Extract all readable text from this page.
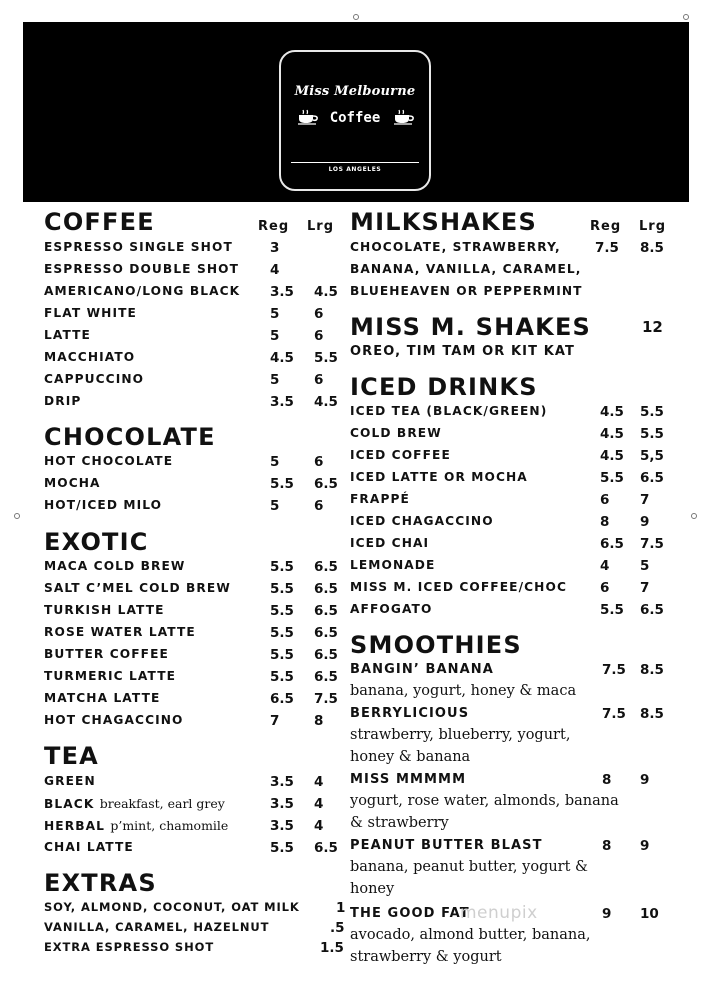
Miss Melbourne
Coffee
LOS ANGELES
COFFEE	Reg Lrg
ESPRESSO SINGLE SHOT	3
ESPRESSO DOUBLE SHOT 4
AMERICANO/LONG BLACK 3.5 4.5
FLAT WHITE	5	6
LATTE	5	6
MACCHIATO	4.5 5.5
CAPPUCCINO	5	6
DRIP	3.5 4.5
CHOCOLATE
HOT CHOCOLATE	5	6
MOCHA	5.5 6.5
HOT/ICED MILO	5	6
EXOTIC
MACA COLD BREW	5.5 6.5
SALT C’MEL COLD BREW	5.5 6.5
TURKISH LATTE	5.5 6.5
ROSE WATER LATTE	5.5 6.5
BUTTER COFFEE	5.5 6.5
TURMERIC LATTE	5.5 6.5
MATCHA LATTE	6.5 7.5
HOT CHAGACCINO	7	8
TEA
GREEN	3.5 4
BLACK breakfast, earl grey	3.5 4
HERBAL p’mint, chamomile	3.5 4
CHAI LATTE	5.5 6.5
EXTRAS
SOY, ALMOND, COCONUT, OAT MILK	1
VANILLA, CARAMEL, HAZELNUT	.5
EXTRA ESPRESSO SHOT	1.5
MILKSHAKES	Reg Lrg
CHOCOLATE, STRAWBERRY,	7.5 8.5
BANANA, VANILLA, CARAMEL,
BLUEHEAVEN OR PEPPERMINT
MISS M. SHAKES	12
OREO, TIM TAM OR KIT KAT
ICED DRINKS
ICED TEA (BLACK/GREEN)	4.5 5.5
COLD BREW	4.5 5.5
ICED COFFEE	4.5 5,5
ICED LATTE OR MOCHA	5.5 6.5
FRAPPÉ	6 7
ICED CHAGACCINO	8 9
ICED CHAI	6.5 7.5
LEMONADE	4 5
MISS M. ICED COFFEE/CHOC 6 7
AFFOGATO	5.5 6.5
SMOOTHIES
BANGIN’ BANANA	7.5 8.5
banana, yogurt, honey & maca
BERRYLICIOUS	7.5 8.5
strawberry, blueberry, yogurt,
honey & banana
MISS MMMMM	8 9
yogurt, rose water, almonds, banana
& strawberry
PEANUT BUTTER BLAST	8 9
banana, peanut butter, yogurt &
honey
THE GOOD FAT	9 10
avocado, almond butter, banana,
strawberry & yogurt
menupix
